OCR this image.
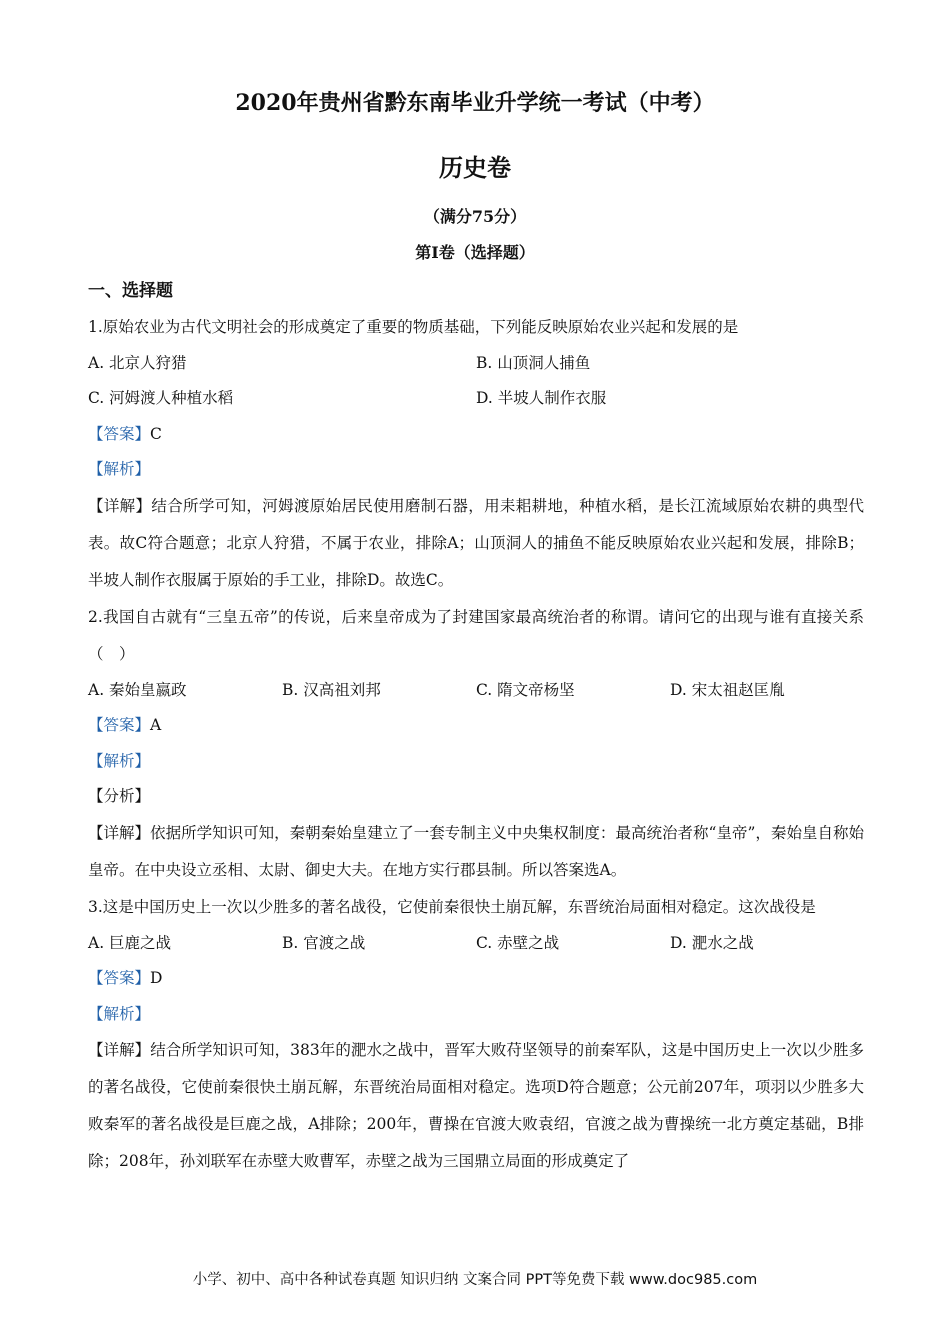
2020年贵州省黔东南毕业升学统一考试（中考）
历史卷
（满分75分）
第Ⅰ卷（选择题）
一、选择题
1.原始农业为古代文明社会的形成奠定了重要的物质基础，下列能反映原始农业兴起和发展的是
A. 北京人狩猎	B. 山顶洞人捕鱼
C. 河姆渡人种植水稻	D. 半坡人制作衣服
【答案】C
【解析】
【详解】结合所学可知，河姆渡原始居民使用磨制石器，用耒耜耕地，种植水稻，是长江流域原始农耕的典型代表。故C符合题意；北京人狩猎，不属于农业，排除A；山顶洞人的捕鱼不能反映原始农业兴起和发展，排除B；半坡人制作衣服属于原始的手工业，排除D。故选C。
2.我国自古就有“三皇五帝”的传说，后来皇帝成为了封建国家最高统治者的称谓。请问它的出现与谁有直接关系（　）
A. 秦始皇嬴政	B. 汉高祖刘邦	C. 隋文帝杨坚	D. 宋太祖赵匡胤
【答案】A
【解析】
【分析】
【详解】依据所学知识可知，秦朝秦始皇建立了一套专制主义中央集权制度：最高统治者称“皇帝”，秦始皇自称始皇帝。在中央设立丞相、太尉、御史大夫。在地方实行郡县制。所以答案选A。
3.这是中国历史上一次以少胜多的著名战役，它使前秦很快土崩瓦解，东晋统治局面相对稳定。这次战役是
A. 巨鹿之战	B. 官渡之战	C. 赤壁之战	D. 淝水之战
【答案】D
【解析】
【详解】结合所学知识可知，383年的淝水之战中，晋军大败苻坚领导的前秦军队，这是中国历史上一次以少胜多的著名战役，它使前秦很快土崩瓦解，东晋统治局面相对稳定。选项D符合题意；公元前207年，项羽以少胜多大败秦军的著名战役是巨鹿之战，A排除；200年，曹操在官渡大败袁绍，官渡之战为曹操统一北方奠定基础，B排除；208年，孙刘联军在赤壁大败曹军，赤壁之战为三国鼎立局面的形成奠定了
小学、初中、高中各种试卷真题 知识归纳 文案合同 PPT等免费下载 www.doc985.com
